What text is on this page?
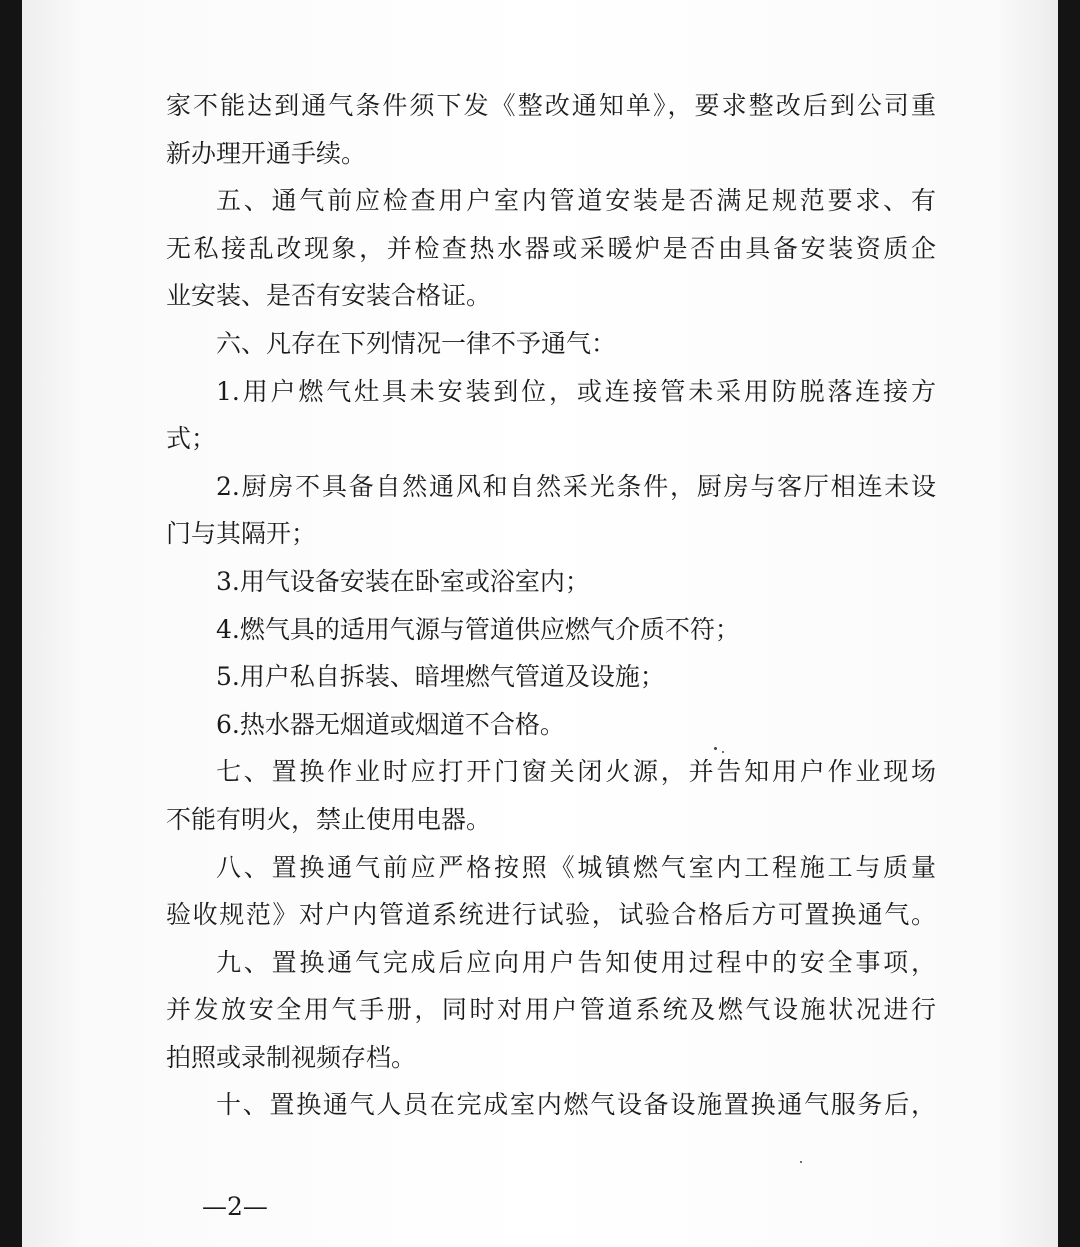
家不能达到通气条件须下发《整改通知单》，要求整改后到公司重
新办理开通手续。
五、通气前应检查用户室内管道安装是否满足规范要求、有
无私接乱改现象，并检查热水器或采暖炉是否由具备安装资质企
业安装、是否有安装合格证。
六、凡存在下列情况一律不予通气：
1.用户燃气灶具未安装到位，或连接管未采用防脱落连接方
式；
2.厨房不具备自然通风和自然采光条件，厨房与客厅相连未设
门与其隔开；
3.用气设备安装在卧室或浴室内；
4.燃气具的适用气源与管道供应燃气介质不符；
5.用户私自拆装、暗埋燃气管道及设施；
6.热水器无烟道或烟道不合格。
七、置换作业时应打开门窗关闭火源，并告知用户作业现场
不能有明火，禁止使用电器。
八、置换通气前应严格按照《城镇燃气室内工程施工与质量
验收规范》对户内管道系统进行试验，试验合格后方可置换通气。
九、置换通气完成后应向用户告知使用过程中的安全事项，
并发放安全用气手册，同时对用户管道系统及燃气设施状况进行
拍照或录制视频存档。
十、置换通气人员在完成室内燃气设备设施置换通气服务后，
—2—
